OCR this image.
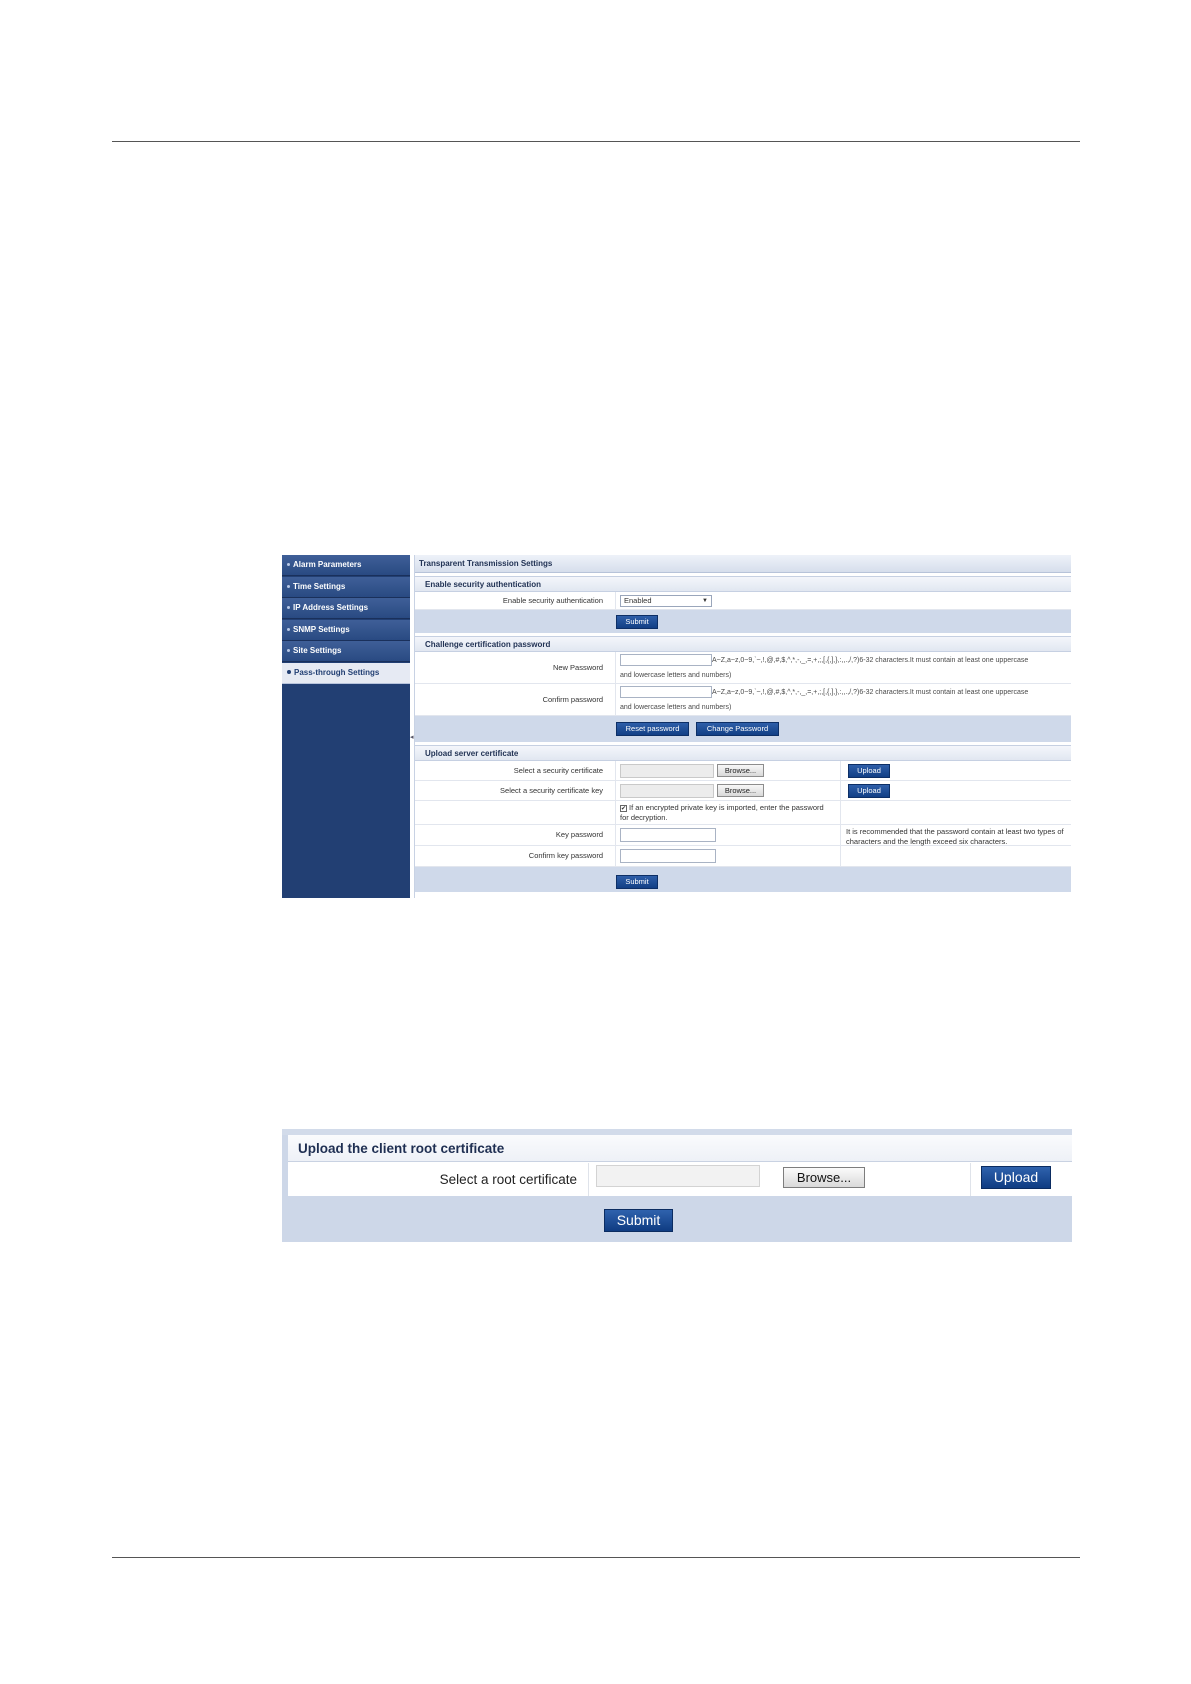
Alarm Parameters
Time Settings
IP Address Settings
SNMP Settings
Site Settings
Pass-through Settings
◂
Transparent Transmission Settings
Enable security authentication
Enable security authentication	Enabled	▼
Submit
Challenge certification password
New Password
A~Z,a~z,0~9,`~,!,@,#,$,^,*,-,_,=,+,;,[,{,],},:,,.,/,?)6-32 characters.It must contain at least one uppercase
and lowercase letters and numbers)
Confirm password
A~Z,a~z,0~9,`~,!,@,#,$,^,*,-,_,=,+,;,[,{,],},:,,.,/,?)6-32 characters.It must contain at least one uppercase
and lowercase letters and numbers)
Reset password	Change Password
Upload server certificate
Select a security certificate	Browse...	Upload
Select a security certificate key	Browse...	Upload
✔ If an encrypted private key is imported, enter the password for decryption.
Key password	It is recommended that the password contain at least two types of characters and the length exceed six characters.
Confirm key password
Submit
Upload the client root certificate
Select a root certificate	Browse...	Upload
Submit
